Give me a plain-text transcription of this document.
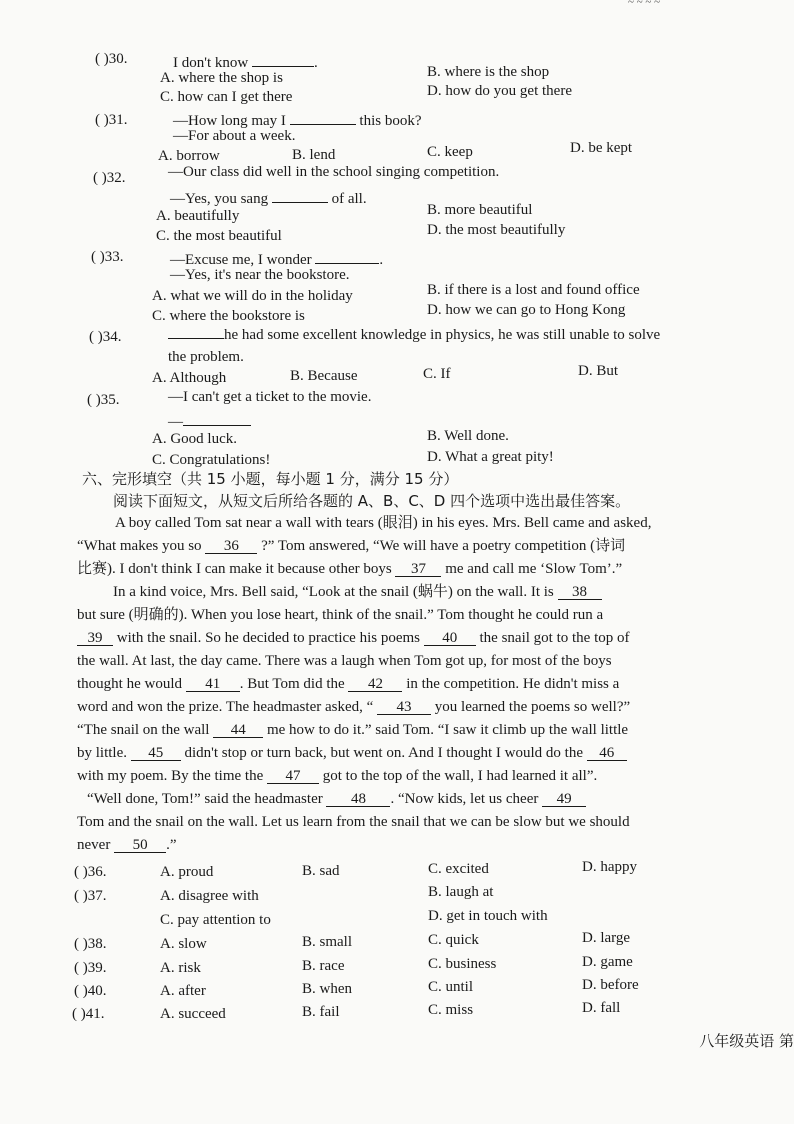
~ ~ ~ ~
( )30.	I don't know	.
A. where the shop is	B. where is the shop
C. how can I get there	D. how do you get there
( )31.	—How long may I	this book?
—For about a week.
A. borrow	B. lend	C. keep	D. be kept
( )32.	—Our class did well in the school singing competition.
—Yes, you sang	of all.
A. beautifully	B. more beautiful
C. the most beautiful	D. the most beautifully
( )33.	—Excuse me, I wonder	.
—Yes, it's near the bookstore.
A. what we will do in the holiday	B. if there is a lost and found office
C. where the bookstore is	D. how we can go to Hong Kong
( )34.	he had some excellent knowledge in physics, he was still unable to solve
the problem.
A. Although	B. Because	C. If	D. But
( )35.	—I can't get a ticket to the movie.
—
A. Good luck.	B. Well done.
C. Congratulations!	D. What a great pity!
六、完形填空（共 15 小题，每小题 1 分，满分 15 分）
阅读下面短文，从短文后所给各题的 A、B、C、D 四个选项中选出最佳答案。
A boy called Tom sat near a wall with tears (眼泪) in his eyes. Mrs. Bell came and asked,
“What makes you so 36 ?” Tom answered, “We will have a poetry competition (诗词
比赛). I don't think I can make it because other boys 37 me and call me ‘Slow Tom’.”
In a kind voice, Mrs. Bell said, “Look at the snail (蜗牛) on the wall. It is 38
but sure (明确的). When you lose heart, think of the snail.” Tom thought he could run a
39 with the snail. So he decided to practice his poems 40 the snail got to the top of
the wall. At last, the day came. There was a laugh when Tom got up, for most of the boys
thought he would 41 . But Tom did the 42 in the competition. He didn't miss a
word and won the prize. The headmaster asked, “ 43 you learned the poems so well?”
“The snail on the wall 44 me how to do it.” said Tom. “I saw it climb up the wall little
by little. 45 didn't stop or turn back, but went on. And I thought I would do the 46
with my poem. By the time the 47 got to the top of the wall, I had learned it all”.
“Well done, Tom!” said the headmaster 48 . “Now kids, let us cheer 49
Tom and the snail on the wall. Let us learn from the snail that we can be slow but we should
never 50 .”
( )36.	A. proud	B. sad	C. excited	D. happy
( )37.	A. disagree with	B. laugh at
C. pay attention to	D. get in touch with
( )38.	A. slow	B. small	C. quick	D. large
( )39.	A. risk	B. race	C. business	D. game
( )40.	A. after	B. when	C. until	D. before
( )41.	A. succeed	B. fail	C. miss	D. fall
八年级英语 第
